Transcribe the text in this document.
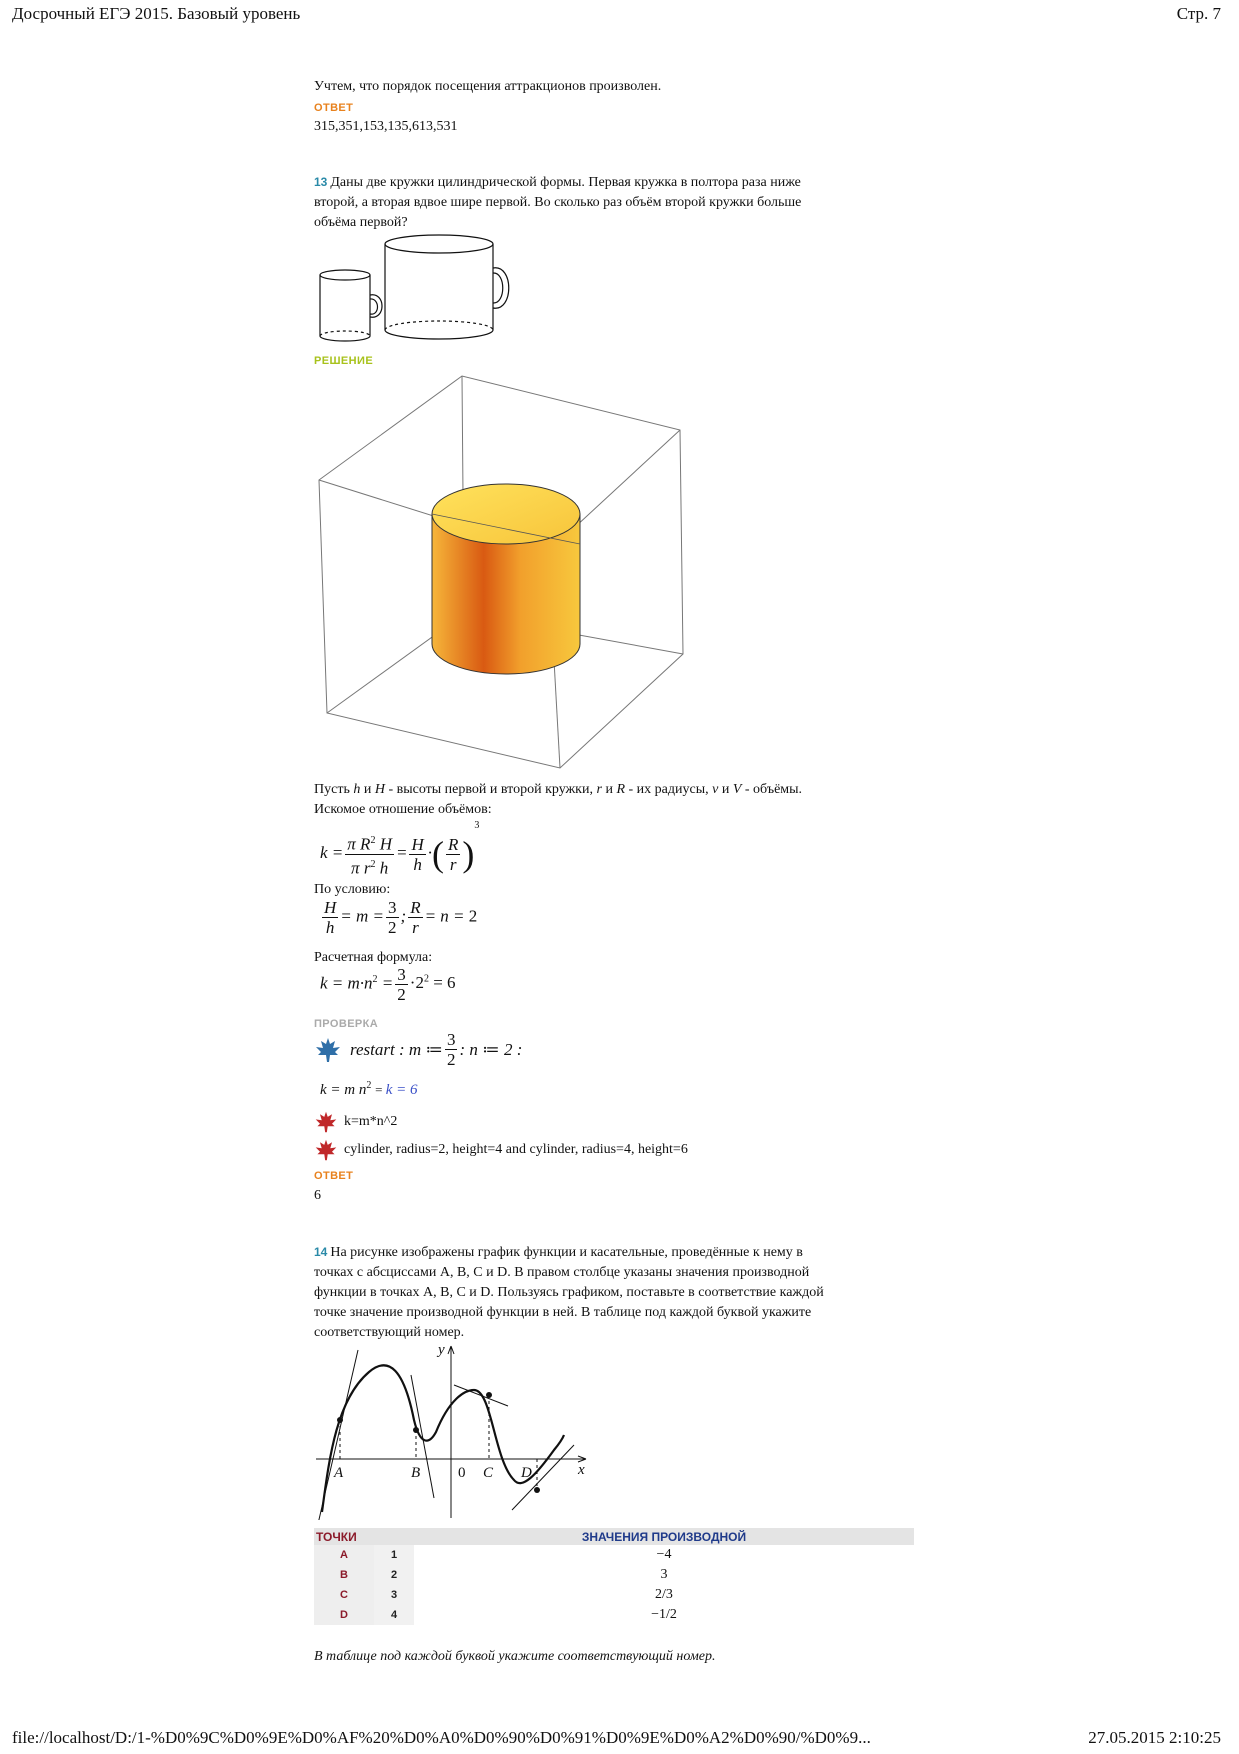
Досрочный ЕГЭ 2015. Базовый уровень	Стр. 7
Учтем, что порядок посещения аттракционов произволен.
ОТВЕТ
315,351,153,135,613,531
13 Даны две кружки цилиндрической формы. Первая кружка в полтора раза ниже
второй, а вторая вдвое шире первой. Во сколько раз объём второй кружки больше
объёма первой?
РЕШЕНИЕ
Пусть h и H - высоты первой и второй кружки, r и R - их радиусы, v и V - объёмы.
Искомое отношение объёмов:
$k = \frac{\pi R^2 H}{\pi r^2 h} = \frac{H}{h}$ ·( $\frac{R}{r} )^3$
По условию:
$\frac{H}{h} = m = \frac{3}{2}$ ; $\frac{R}{r} = n = 2$
Расчетная формула:
$k = m\cdot n^2 = \frac{3}{2} \cdot 2^2 = 6$
ПРОВЕРКА
restart : m ≔ $\frac{3}{2}$ : n ≔ 2 :
k = m $n^2 = k = 6$
k=m*n^2
cylinder, radius=2, height=4 and cylinder, radius=4, height=6
ОТВЕТ
6
14 На рисунке изображены график функции и касательные, проведённые к нему в
точках с абсциссами A, B, C и D. В правом столбце указаны значения производной
функции в точках A, B, C и D. Пользуясь графиком, поставьте в соответствие каждой
точке значение производной функции в ней. В таблице под каждой буквой укажите
соответствующий номер.
A	B	0 C D	x
y
ТОЧКИ		ЗНАЧЕНИЯ ПРОИЗВОДНОЙ
А	1	−4
В	2	3
С	3	2/3
D	4	−1/2
В таблице под каждой буквой укажите соответствующий номер.
file://localhost/D:/1-%D0%9C%D0%9E%D0%AF%20%D0%A0%D0%90%D0%91%D0%9E%D0%A2%D0%90/%D0%9...	27.05.2015 2:10:25
